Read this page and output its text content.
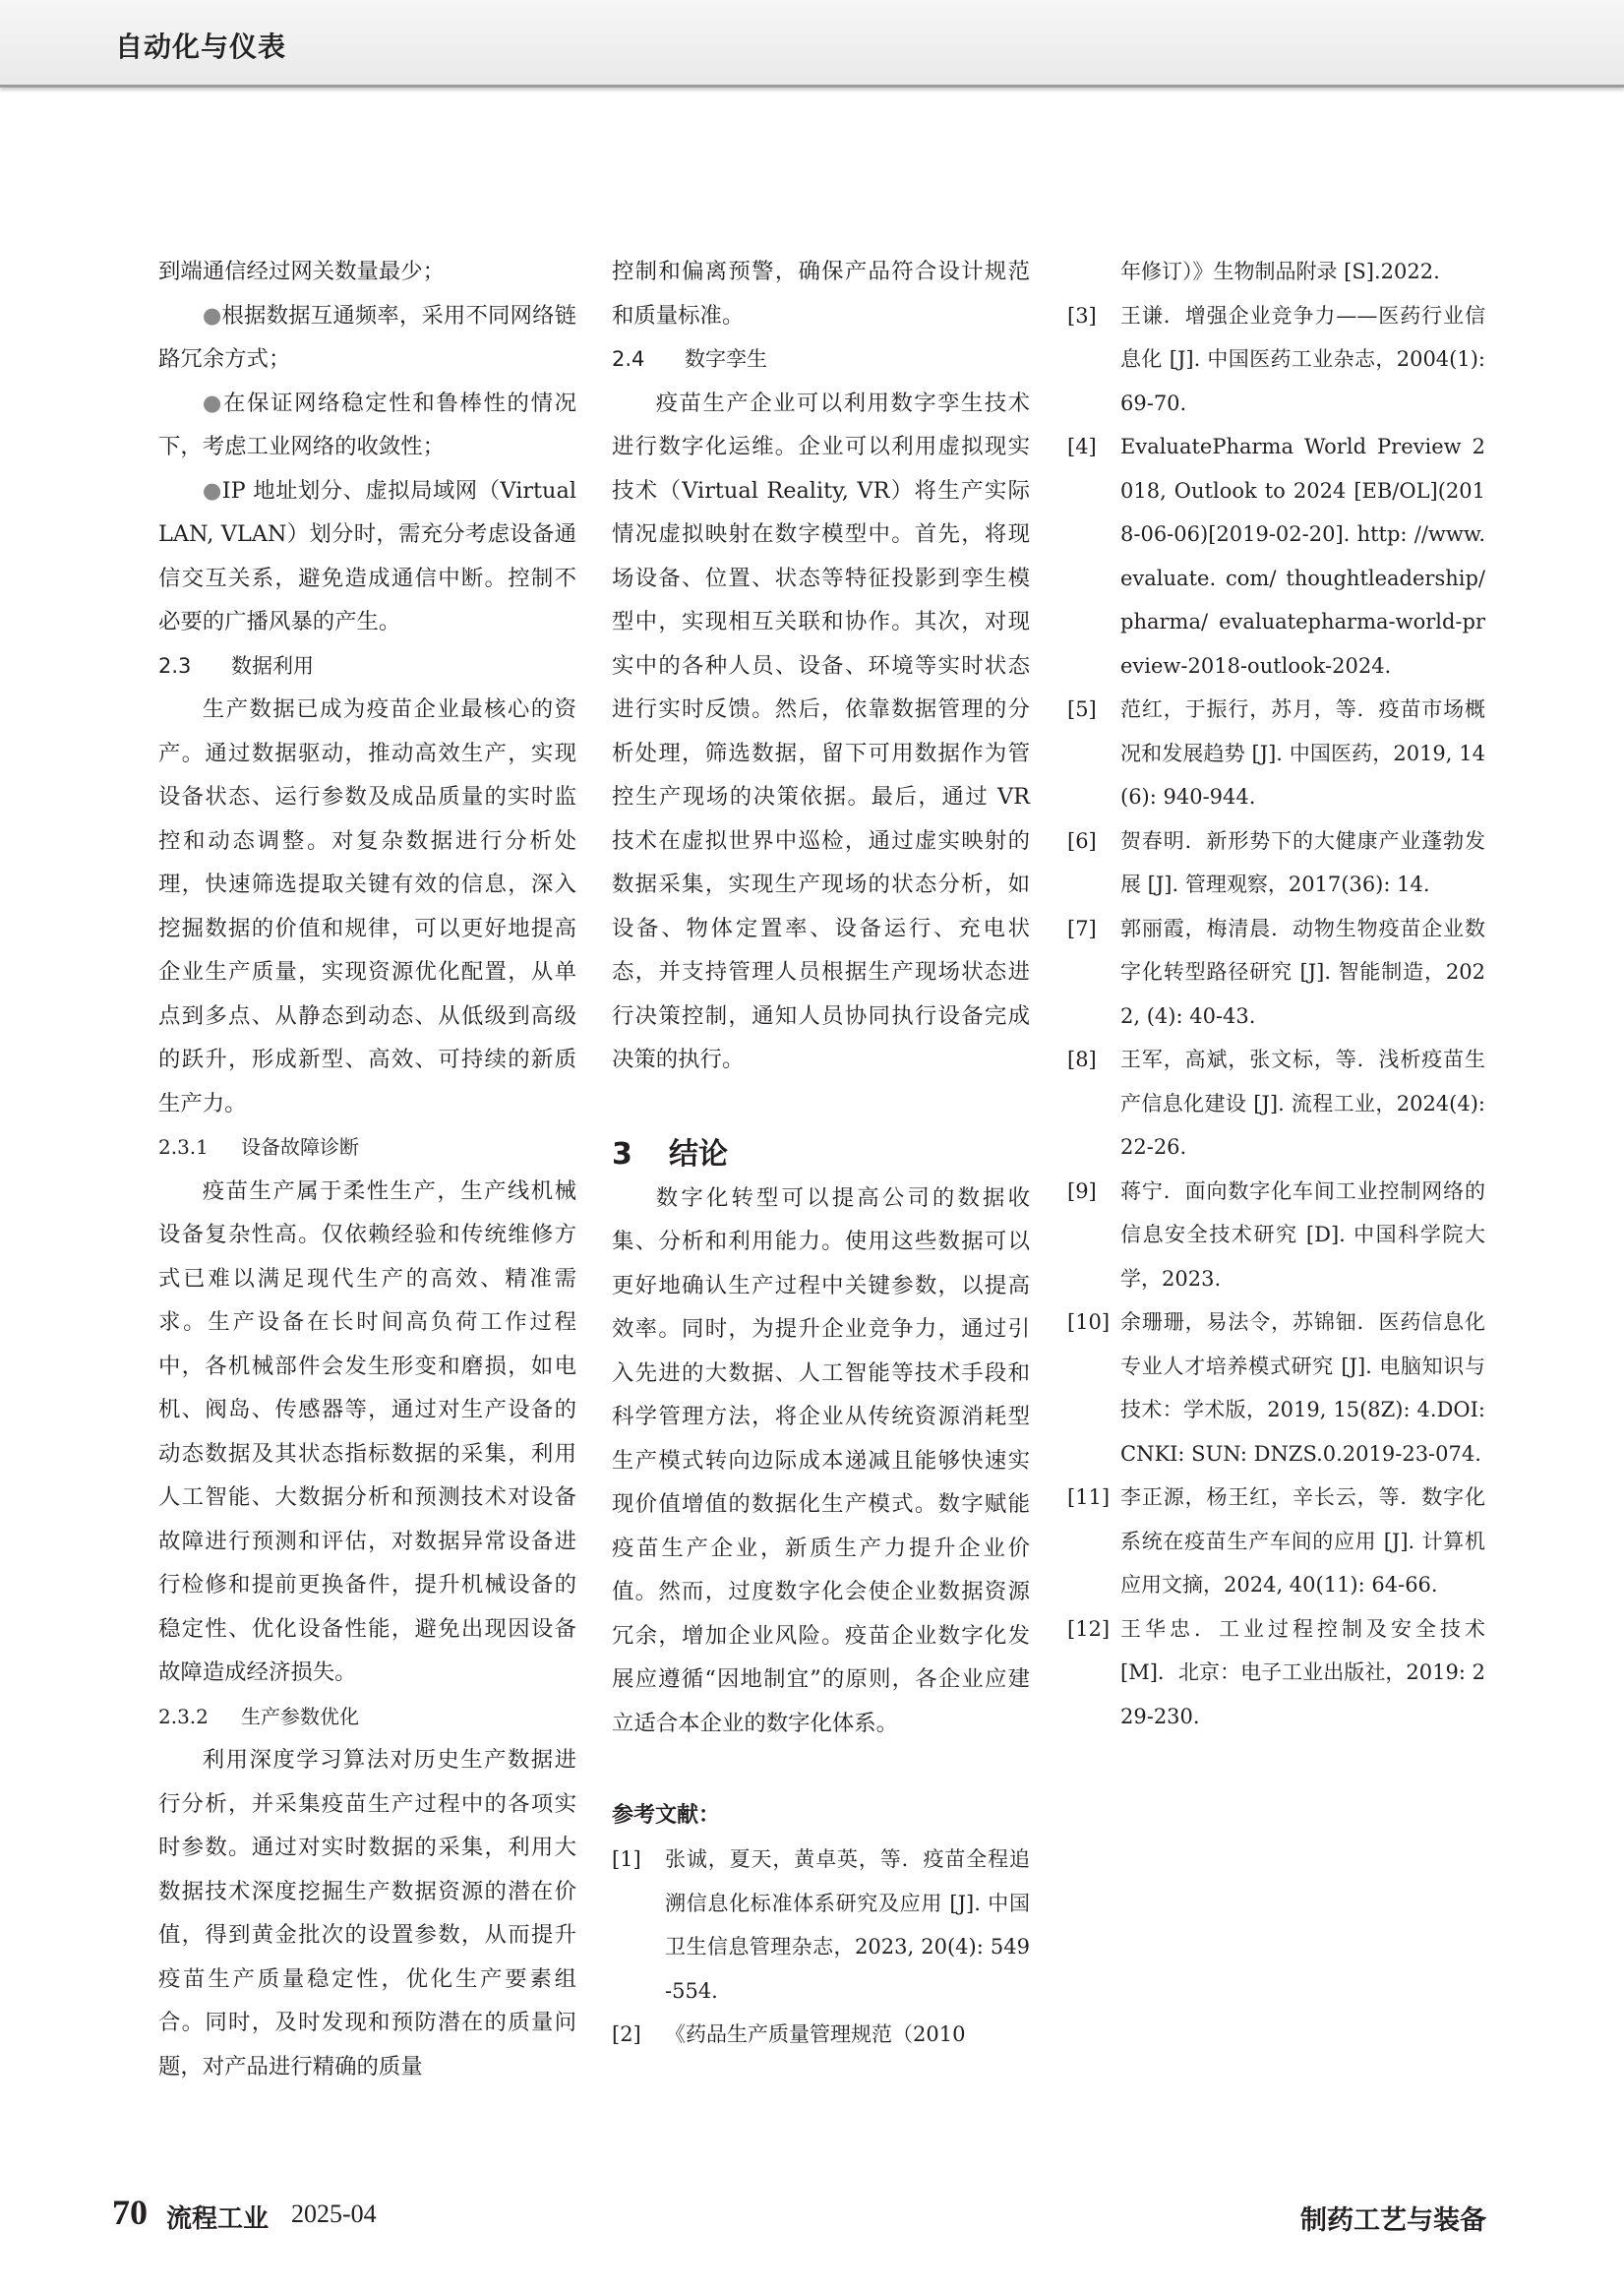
自动化与仪表

到端通信经过网关数量最少；

●根据数据互通频率，采用不同网络链路冗余方式；

●在保证网络稳定性和鲁棒性的情况下，考虑工业网络的收敛性；

●IP 地址划分、虚拟局域网（Virtual LAN, VLAN）划分时，需充分考虑设备通信交互关系，避免造成通信中断。控制不必要的广播风暴的产生。

2.3 数据利用

生产数据已成为疫苗企业最核心的资产。通过数据驱动，推动高效生产，实现设备状态、运行参数及成品质量的实时监控和动态调整。对复杂数据进行分析处理，快速筛选提取关键有效的信息，深入挖掘数据的价值和规律，可以更好地提高企业生产质量，实现资源优化配置，从单点到多点、从静态到动态、从低级到高级的跃升，形成新型、高效、可持续的新质生产力。

2.3.1 设备故障诊断

疫苗生产属于柔性生产，生产线机械设备复杂性高。仅依赖经验和传统维修方式已难以满足现代生产的高效、精准需求。生产设备在长时间高负荷工作过程中，各机械部件会发生形变和磨损，如电机、阀岛、传感器等，通过对生产设备的动态数据及其状态指标数据的采集，利用人工智能、大数据分析和预测技术对设备故障进行预测和评估，对数据异常设备进行检修和提前更换备件，提升机械设备的稳定性、优化设备性能，避免出现因设备故障造成经济损失。

2.3.2 生产参数优化

利用深度学习算法对历史生产数据进行分析，并采集疫苗生产过程中的各项实时参数。通过对实时数据的采集，利用大数据技术深度挖掘生产数据资源的潜在价值，得到黄金批次的设置参数，从而提升疫苗生产质量稳定性，优化生产要素组合。同时，及时发现和预防潜在的质量问题，对产品进行精确的质量

控制和偏离预警，确保产品符合设计规范和质量标准。

2.4 数字孪生

疫苗生产企业可以利用数字孪生技术进行数字化运维。企业可以利用虚拟现实技术（Virtual Reality, VR）将生产实际情况虚拟映射在数字模型中。首先，将现场设备、位置、状态等特征投影到孪生模型中，实现相互关联和协作。其次，对现实中的各种人员、设备、环境等实时状态进行实时反馈。然后，依靠数据管理的分析处理，筛选数据，留下可用数据作为管控生产现场的决策依据。最后，通过 VR 技术在虚拟世界中巡检，通过虚实映射的数据采集，实现生产现场的状态分析，如设备、物体定置率、设备运行、充电状态，并支持管理人员根据生产现场状态进行决策控制，通知人员协同执行设备完成决策的执行。

3 结论

数字化转型可以提高公司的数据收集、分析和利用能力。使用这些数据可以更好地确认生产过程中关键参数，以提高效率。同时，为提升企业竞争力，通过引入先进的大数据、人工智能等技术手段和科学管理方法，将企业从传统资源消耗型生产模式转向边际成本递减且能够快速实现价值增值的数据化生产模式。数字赋能疫苗生产企业，新质生产力提升企业价值。然而，过度数字化会使企业数据资源冗余，增加企业风险。疫苗企业数字化发展应遵循“因地制宜”的原则，各企业应建立适合本企业的数字化体系。

参考文献：

[1] 张诚，夏天，黄卓英，等．疫苗全程追溯信息化标准体系研究及应用 [J]. 中国卫生信息管理杂志，2023, 20(4): 549-554.

[2] 《药品生产质量管理规范（2010

年修订）》生物制品附录 [S].2022.

[3] 王谦．增强企业竞争力——医药行业信息化 [J]. 中国医药工业杂志，2004(1): 69-70.

[4] EvaluatePharma World Preview 2018, Outlook to 2024 [EB/OL](2018-06-06)[2019-02-20]. http: //www. evaluate. com/ thoughtleadership/pharma/ evaluatepharma-world-preview-2018-outlook-2024.

[5] 范红，于振行，苏月，等．疫苗市场概况和发展趋势 [J]. 中国医药，2019, 14(6): 940-944.

[6] 贺春明．新形势下的大健康产业蓬勃发展 [J]. 管理观察，2017(36): 14.

[7] 郭丽霞，梅清晨．动物生物疫苗企业数字化转型路径研究 [J]. 智能制造，2022, (4): 40-43.

[8] 王军，高斌，张文标，等．浅析疫苗生产信息化建设 [J]. 流程工业，2024(4): 22-26.

[9] 蒋宁．面向数字化车间工业控制网络的信息安全技术研究 [D]. 中国科学院大学，2023.

[10] 余珊珊，易法令，苏锦钿．医药信息化专业人才培养模式研究 [J]. 电脑知识与技术：学术版，2019, 15(8Z): 4.DOI: CNKI: SUN: DNZS.0.2019-23-074.

[11] 李正源，杨王红，辛长云，等．数字化系统在疫苗生产车间的应用 [J]. 计算机应用文摘，2024, 40(11): 64-66.

[12] 王华忠．工业过程控制及安全技术 [M]．北京：电子工业出版社，2019: 229-230.

70 流程工业 2025-04	制药工艺与装备
